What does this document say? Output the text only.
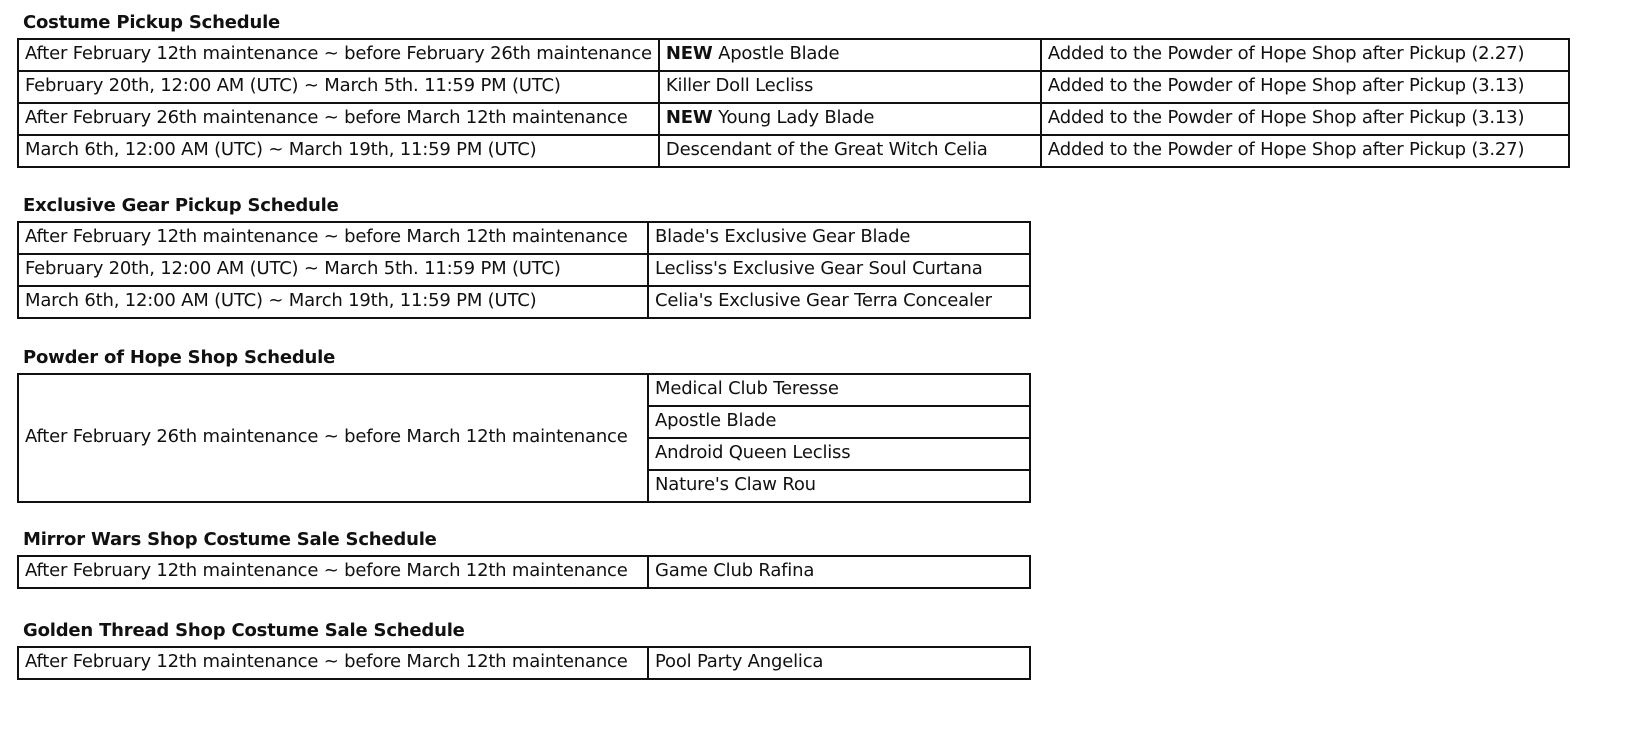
Costume Pickup Schedule
After February 12th maintenance ~ before February 26th maintenance	NEW Apostle Blade	Added to the Powder of Hope Shop after Pickup (2.27)
February 20th, 12:00 AM (UTC) ~ March 5th. 11:59 PM (UTC)	Killer Doll Lecliss	Added to the Powder of Hope Shop after Pickup (3.13)
After February 26th maintenance ~ before March 12th maintenance	NEW Young Lady Blade	Added to the Powder of Hope Shop after Pickup (3.13)
March 6th, 12:00 AM (UTC) ~ March 19th, 11:59 PM (UTC)	Descendant of the Great Witch Celia	Added to the Powder of Hope Shop after Pickup (3.27)
Exclusive Gear Pickup Schedule
After February 12th maintenance ~ before March 12th maintenance	Blade's Exclusive Gear Blade
February 20th, 12:00 AM (UTC) ~ March 5th. 11:59 PM (UTC)	Lecliss's Exclusive Gear Soul Curtana
March 6th, 12:00 AM (UTC) ~ March 19th, 11:59 PM (UTC)	Celia's Exclusive Gear Terra Concealer
Powder of Hope Shop Schedule
After February 26th maintenance ~ before March 12th maintenance	Medical Club Teresse
Apostle Blade
Android Queen Lecliss
Nature's Claw Rou
Mirror Wars Shop Costume Sale Schedule
After February 12th maintenance ~ before March 12th maintenance	Game Club Rafina
Golden Thread Shop Costume Sale Schedule
After February 12th maintenance ~ before March 12th maintenance	Pool Party Angelica
